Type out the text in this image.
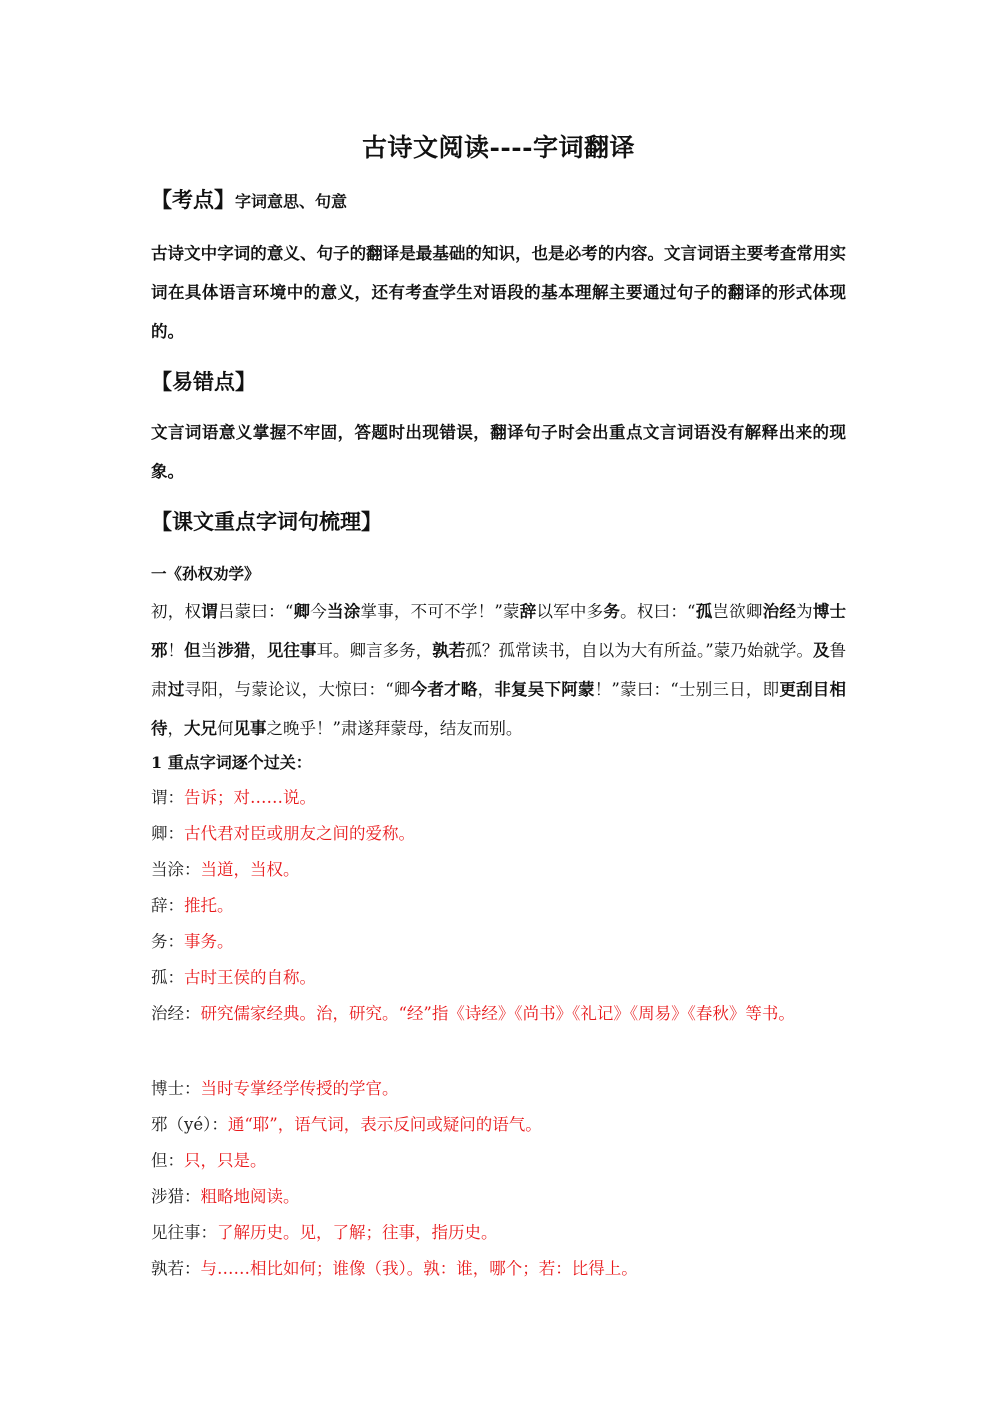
古诗文阅读----字词翻译
【考点】字词意思、句意
古诗文中字词的意义、句子的翻译是最基础的知识，也是必考的内容。文言词语主要考查常用实词在具体语言环境中的意义，还有考查学生对语段的基本理解主要通过句子的翻译的形式体现的。
【易错点】
文言词语意义掌握不牢固，答题时出现错误，翻译句子时会出重点文言词语没有解释出来的现象。
【课文重点字词句梳理】
一《孙权劝学》
初，权谓吕蒙曰：“卿今当涂掌事，不可不学！”蒙辞以军中多务。权曰：“孤岂欲卿治经为博士邪！但当涉猎，见往事耳。卿言多务，孰若孤？孤常读书，自以为大有所益。”蒙乃始就学。及鲁肃过寻阳，与蒙论议，大惊曰：“卿今者才略，非复吴下阿蒙！”蒙曰：“士别三日，即更刮目相待，大兄何见事之晚乎！”肃遂拜蒙母，结友而别。
1 重点字词逐个过关：
谓：告诉；对……说。
卿：古代君对臣或朋友之间的爱称。
当涂：当道，当权。
辞：推托。
务：事务。
孤：古时王侯的自称。
治经：研究儒家经典。治，研究。“经”指《诗经》《尚书》《礼记》《周易》《春秋》等书。
博士：当时专掌经学传授的学官。
邪（yé）：通“耶”，语气词，表示反问或疑问的语气。
但：只，只是。
涉猎：粗略地阅读。
见往事：了解历史。见，了解；往事，指历史。
孰若：与……相比如何；谁像（我）。孰：谁，哪个；若：比得上。
